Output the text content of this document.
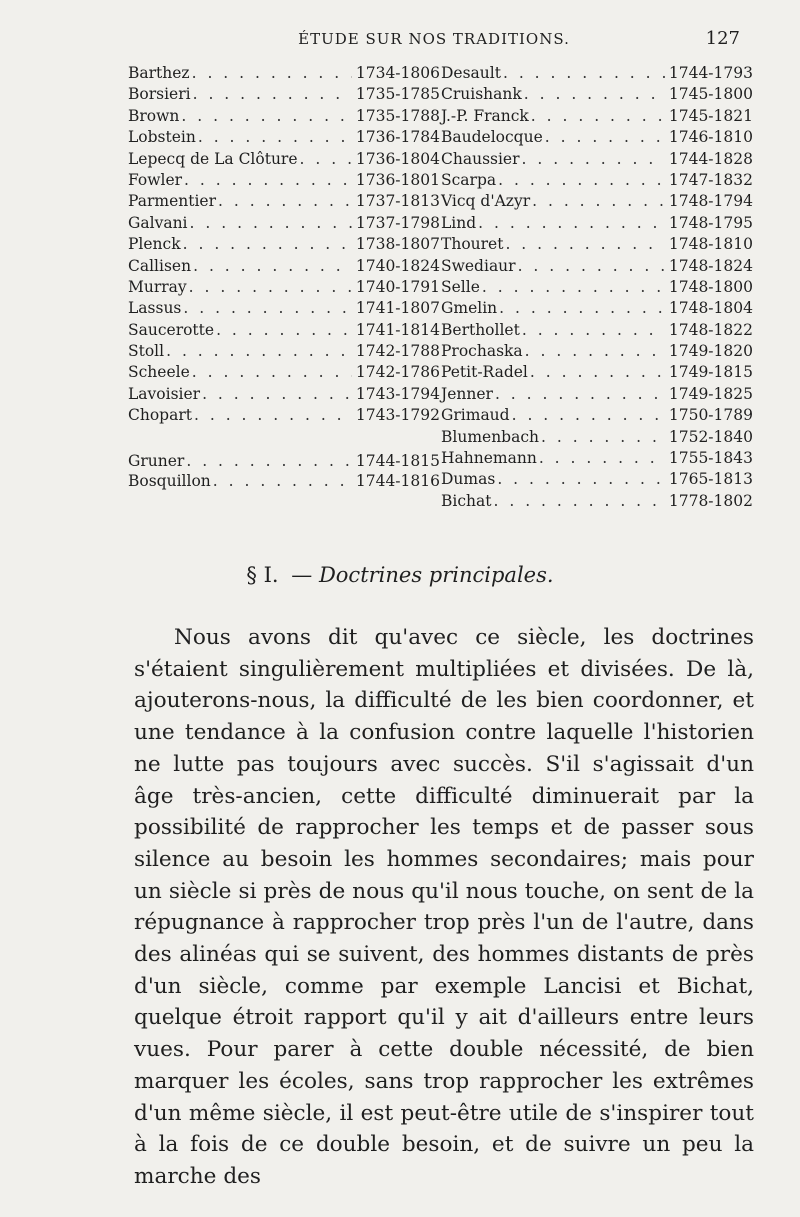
ÉTUDE SUR NOS TRADITIONS.	127
Barthez . . .	1734-1806
Borsieri . . .	1735-1785
Brown . . .	1735-1788
Lobstein . . .	1736-1784
Lepecq de La Clôture . . .	1736-1804
Fowler . . .	1736-1801
Parmentier . . .	1737-1813
Galvani . . .	1737-1798
Plenck . . .	1738-1807
Callisen . . .	1740-1824
Murray . . .	1740-1791
Lassus . . .	1741-1807
Saucerotte . . .	1741-1814
Stoll . . .	1742-1788
Scheele . . .	1742-1786
Lavoisier . . .	1743-1794
Chopart . . .	1743-1792
Gruner . . .	1744-1815
Bosquillon . . .	1744-1816
Desault . . .	1744-1793
Cruishank . . .	1745-1800
J.-P. Franck . . .	1745-1821
Baudelocque . . .	1746-1810
Chaussier . . .	1744-1828
Scarpa . . .	1747-1832
Vicq d'Azyr . . .	1748-1794
Lind . . .	1748-1795
Thouret . . .	1748-1810
Swediaur . . .	1748-1824
Selle . . .	1748-1800
Gmelin . . .	1748-1804
Berthollet . . .	1748-1822
Prochaska . . .	1749-1820
Petit-Radel . . .	1749-1815
Jenner . . .	1749-1825
Grimaud . . .	1750-1789
Blumenbach . . .	1752-1840
Hahnemann . . .	1755-1843
Dumas . . .	1765-1813
Bichat . . .	1778-1802
§ I. — Doctrines principales.
Nous avons dit qu'avec ce siècle, les doctrines s'étaient singulièrement multipliées et divisées. De là, ajouterons-nous, la difficulté de les bien coordonner, et une tendance à la confusion contre laquelle l'historien ne lutte pas toujours avec succès. S'il s'agissait d'un âge très-ancien, cette difficulté diminuerait par la possibilité de rapprocher les temps et de passer sous silence au besoin les hommes secondaires; mais pour un siècle si près de nous qu'il nous touche, on sent de la répugnance à rapprocher trop près l'un de l'autre, dans des alinéas qui se suivent, des hommes distants de près d'un siècle, comme par exemple Lancisi et Bichat, quelque étroit rapport qu'il y ait d'ailleurs entre leurs vues. Pour parer à cette double nécessité, de bien marquer les écoles, sans trop rapprocher les extrêmes d'un même siècle, il est peut-être utile de s'inspirer tout à la fois de ce double besoin, et de suivre un peu la marche des
